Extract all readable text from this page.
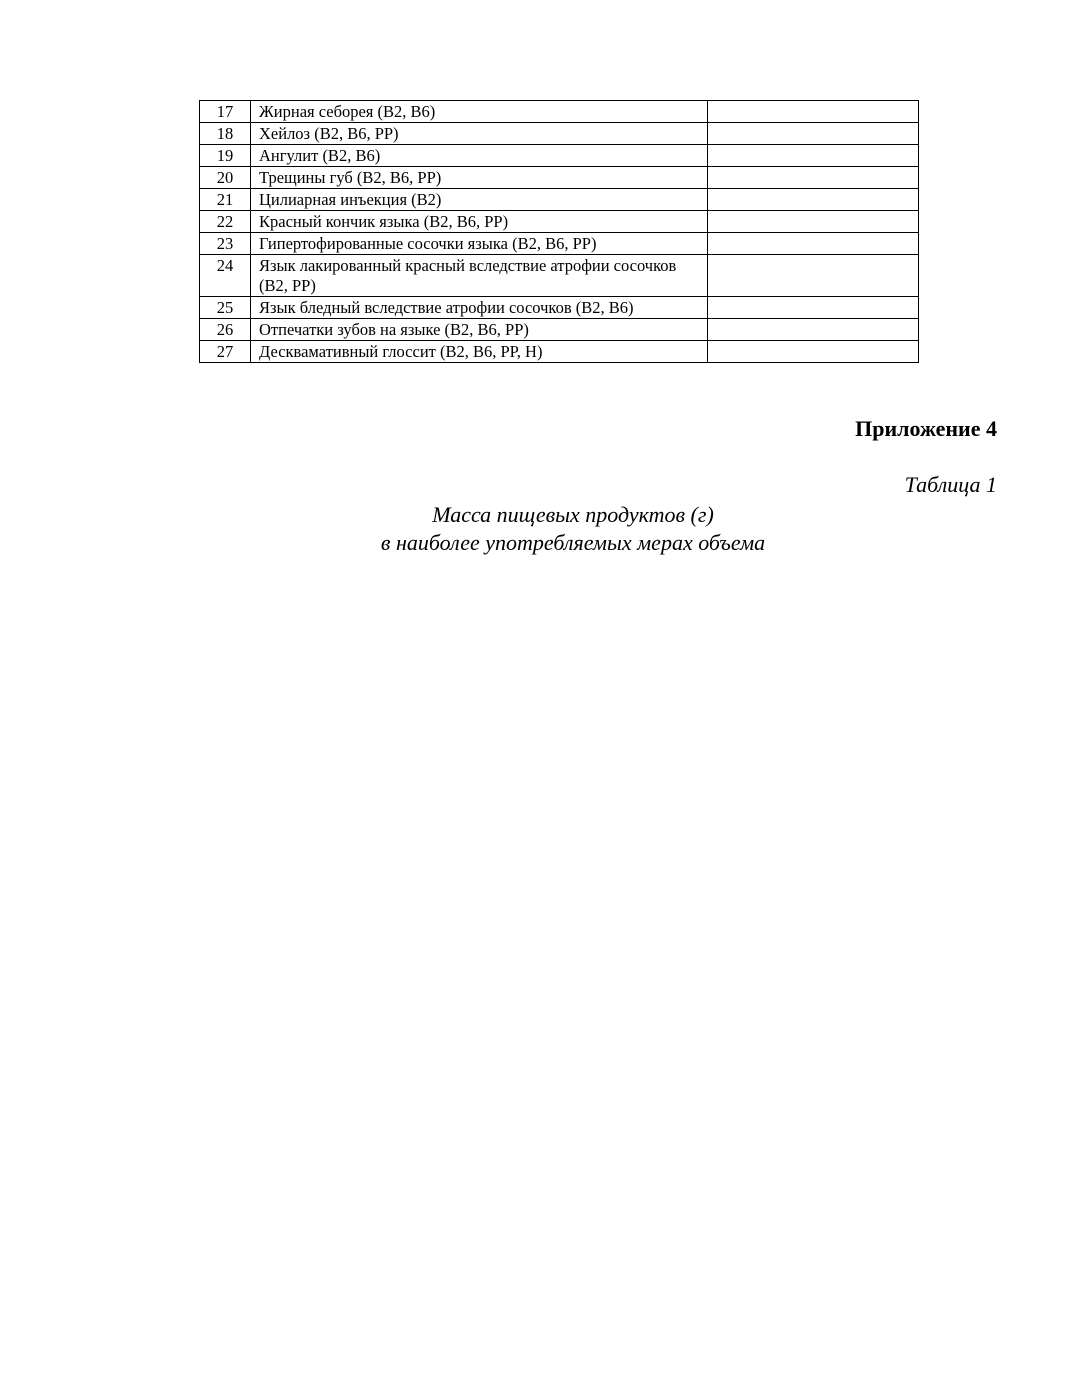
17	Жирная себорея (В2, В6)	
18	Хейлоз (В2, В6, РР)	
19	Ангулит (В2, В6)	
20	Трещины губ (В2, В6, РР)	
21	Цилиарная инъекция (В2)	
22	Красный кончик языка (В2, В6, РР)	
23	Гипертофированные сосочки языка (В2, В6, РР)	
24	Язык лакированный красный вследствие атрофии сосочков (В2, РР)	
25	Язык бледный вследствие атрофии сосочков (В2, В6)	
26	Отпечатки зубов на языке (В2, В6, РР)	
27	Десквамативный глоссит (В2, В6, РР, Н)	
Приложение 4
Таблица 1
Масса пищевых продуктов (г)
в наиболее употребляемых мерах объема
